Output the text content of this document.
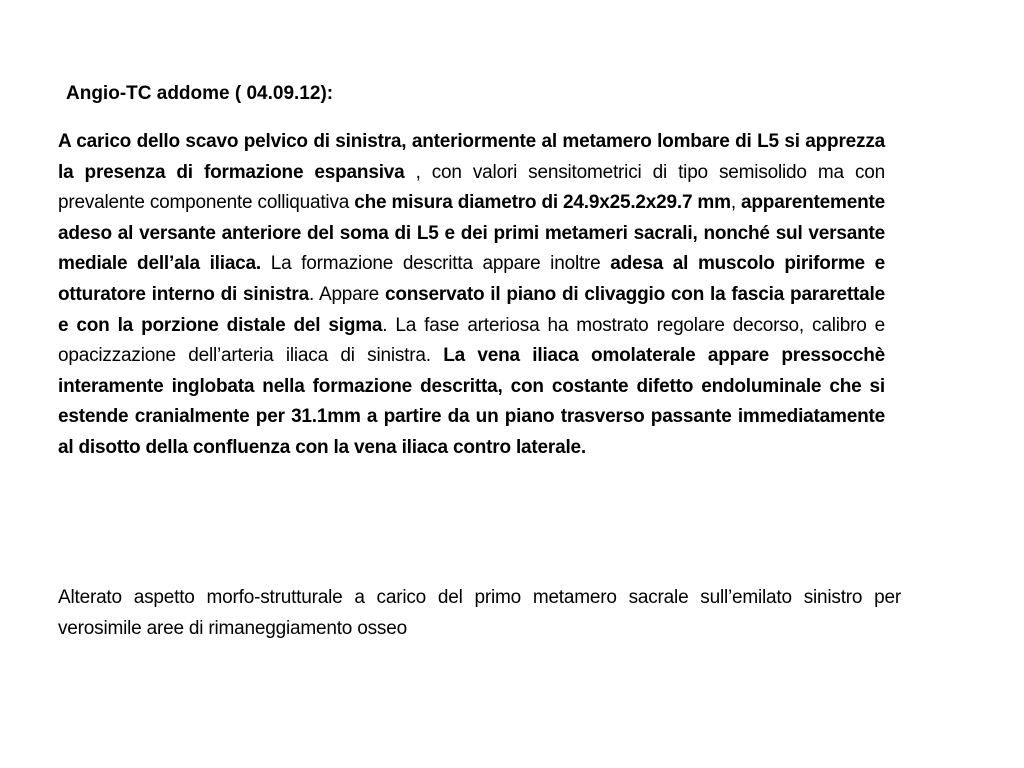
Angio-TC addome ( 04.09.12):
A carico dello scavo pelvico di sinistra, anteriormente al metamero lombare di L5 si apprezza la presenza di formazione espansiva , con valori sensitometrici di tipo semisolido ma con prevalente componente colliquativa che misura diametro di 24.9x25.2x29.7 mm, apparentemente adeso al versante anteriore del soma di L5 e dei primi metameri sacrali, nonché sul versante mediale dell’ala iliaca. La formazione descritta appare inoltre adesa al muscolo piriforme e otturatore interno di sinistra. Appare conservato il piano di clivaggio con la fascia pararettale e con la porzione distale del sigma. La fase arteriosa ha mostrato regolare decorso, calibro e opacizzazione dell’arteria iliaca di sinistra. La vena iliaca omolaterale appare pressocchè interamente inglobata nella formazione descritta, con costante difetto endoluminale che si estende cranialmente per 31.1mm a partire da un piano trasverso passante immediatamente al disotto della confluenza con la vena iliaca contro laterale.
Alterato aspetto morfo-strutturale a carico del primo metamero sacrale sull’emilato sinistro per verosimile aree di rimaneggiamento osseo
